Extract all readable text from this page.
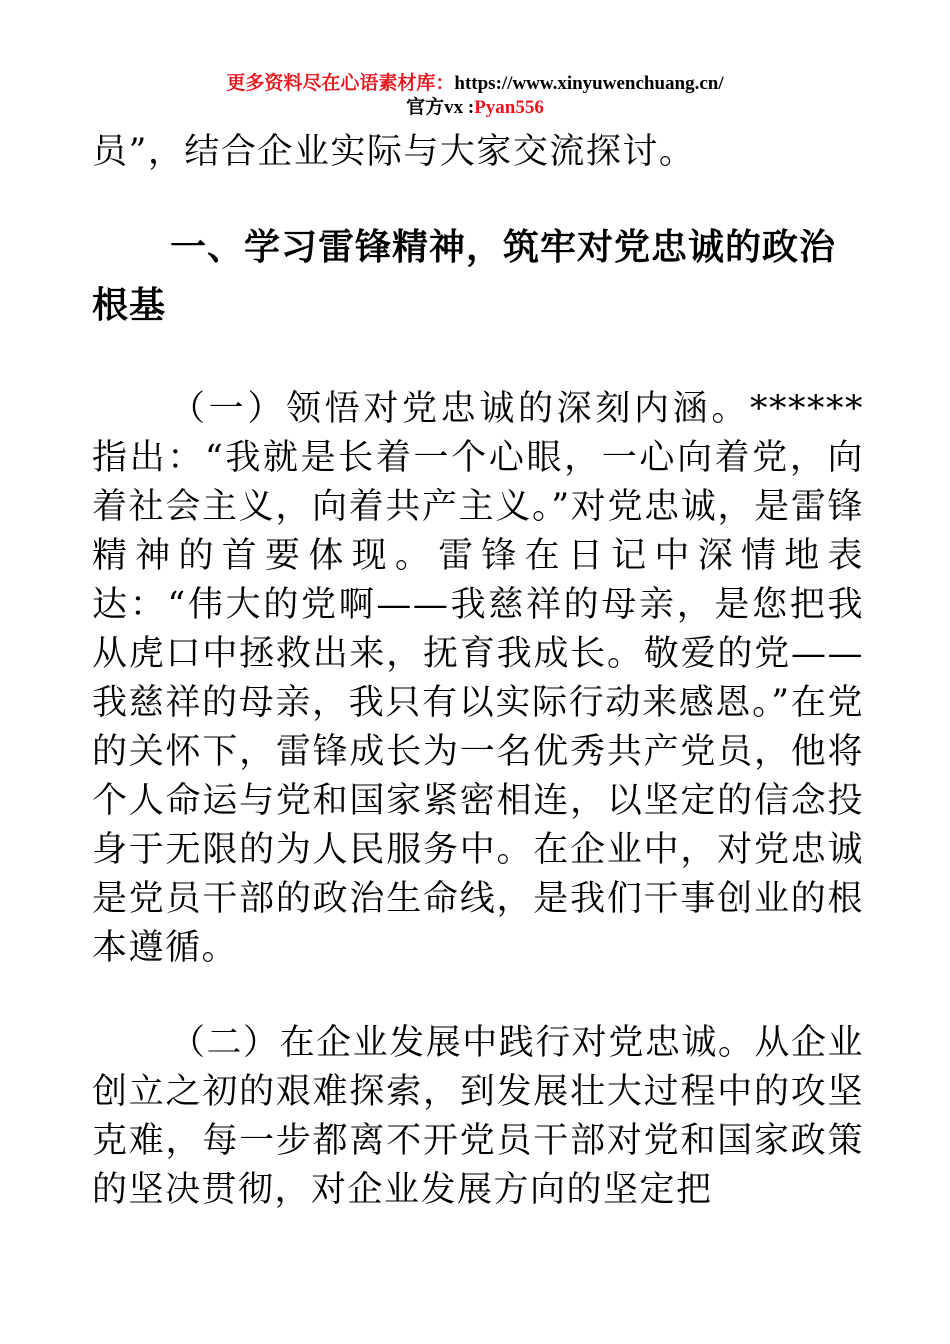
更多资料尽在心语素材库：https://www.xinyuwenchuang.cn/
官方vx :Pyan556

员”，结合企业实际与大家交流探讨。

一、学习雷锋精神，筑牢对党忠诚的政治根基

（一）领悟对党忠诚的深刻内涵。******指出：“我就是长着一个心眼，一心向着党，向着社会主义，向着共产主义。”对党忠诚，是雷锋精神的首要体现。雷锋在日记中深情地表达：“伟大的党啊——我慈祥的母亲，是您把我从虎口中拯救出来，抚育我成长。敬爱的党——我慈祥的母亲，我只有以实际行动来感恩。”在党的关怀下，雷锋成长为一名优秀共产党员，他将个人命运与党和国家紧密相连，以坚定的信念投身于无限的为人民服务中。在企业中，对党忠诚是党员干部的政治生命线，是我们干事创业的根本遵循。

（二）在企业发展中践行对党忠诚。从企业创立之初的艰难探索，到发展壮大过程中的攻坚克难，每一步都离不开党员干部对党和国家政策的坚决贯彻，对企业发展方向的坚定把
